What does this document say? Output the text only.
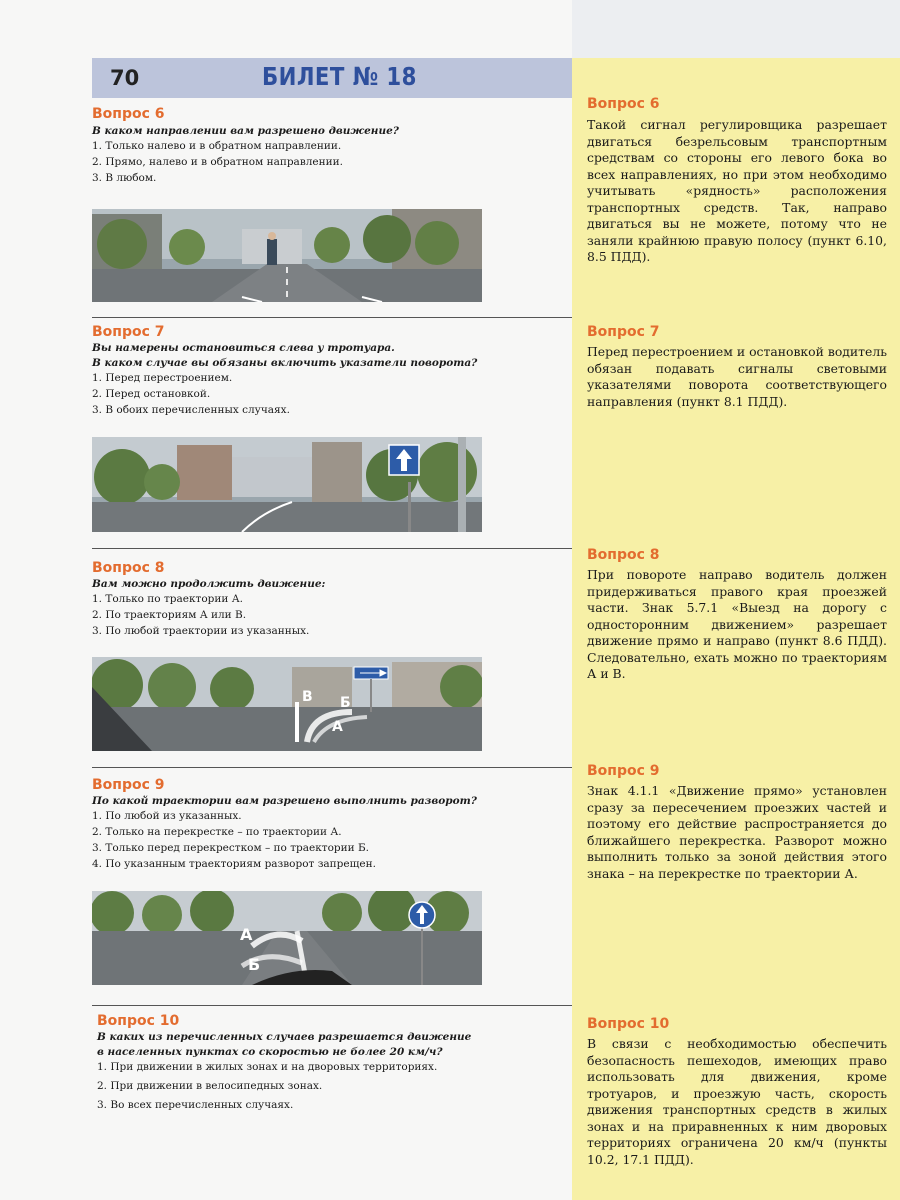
70	БИЛЕТ № 18
Вопрос 6
В каком направлении вам разрешено движение?
1. Только налево и в обратном направлении.
2. Прямо, налево и в обратном направлении.
3. В любом.
Вопрос 7
Вы намерены остановиться слева у тротуара.
В каком случае вы обязаны включить указатели поворота?
1. Перед перестроением.
2. Перед остановкой.
3. В обоих перечисленных случаях.
Вопрос 8
Вам можно продолжить движение:
1. Только по траектории А.
2. По траекториям А или В.
3. По любой траектории из указанных.
В Б
А
Вопрос 9
По какой траектории вам разрешено выполнить разворот?
1. По любой из указанных.
2. Только на перекрестке – по траектории А.
3. Только перед перекрестком – по траектории Б.
4. По указанным траекториям разворот запрещен.
А
Б
Вопрос 10
В каких из перечисленных случаев разрешается движение
в населенных пунктах со скоростью не более 20 км/ч?
1. При движении в жилых зонах и на дворовых территориях.
2. При движении в велосипедных зонах.
3. Во всех перечисленных случаях.
Вопрос 6
Такой сигнал регулировщика разрешает двигаться безрельсовым транспортным средствам со стороны его левого бока во всех направлениях, но при этом необходимо учитывать «рядность» расположения транспортных средств. Так, направо двигаться вы не можете, потому что не заняли крайнюю правую полосу (пункт 6.10, 8.5 ПДД).
Вопрос 7
Перед перестроением и остановкой водитель обязан подавать сигналы световыми указателями поворота соответствующего направления (пункт 8.1 ПДД).
Вопрос 8
При повороте направо водитель должен придерживаться правого края проезжей части. Знак 5.7.1 «Выезд на дорогу с односторонним движением» разрешает движение прямо и направо (пункт 8.6 ПДД). Следовательно, ехать можно по траекториям А и В.
Вопрос 9
Знак 4.1.1 «Движение прямо» установлен сразу за пересечением проезжих частей и поэтому его действие распространяется до ближайшего перекрестка. Разворот можно выполнить только за зоной действия этого знака – на перекрестке по траектории А.
Вопрос 10
В связи с необходимостью обеспечить безопасность пешеходов, имеющих право использовать для движения, кроме тротуаров, и проезжую часть, скорость движения транспортных средств в жилых зонах и на приравненных к ним дворовых территориях ограничена 20 км/ч (пункты 10.2, 17.1 ПДД).
